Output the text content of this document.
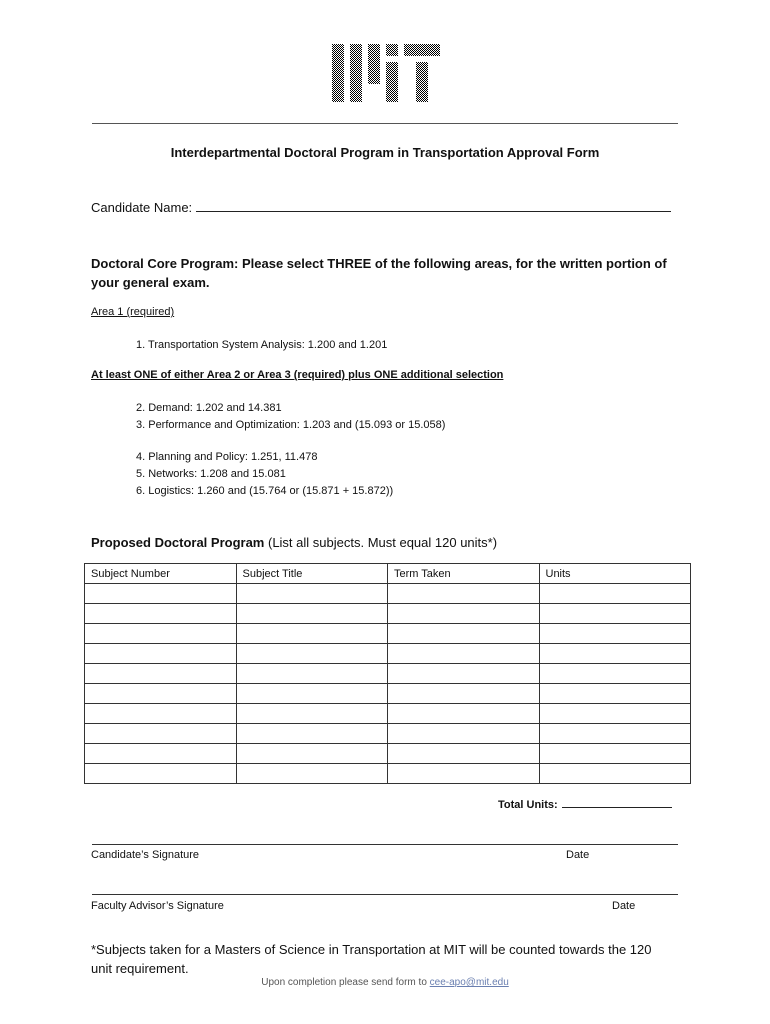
Interdepartmental Doctoral Program in Transportation Approval Form
Candidate Name:
Doctoral Core Program: Please select THREE of the following areas, for the written portion of your general exam.
Area 1 (required)
1. Transportation System Analysis: 1.200 and 1.201
At least ONE of either Area 2 or Area 3 (required) plus ONE additional selection
2. Demand: 1.202 and 14.381
3. Performance and Optimization: 1.203 and (15.093 or 15.058)
4. Planning and Policy: 1.251, 11.478
5. Networks: 1.208 and 15.081
6. Logistics: 1.260 and (15.764 or (15.871 + 15.872))
Proposed Doctoral Program (List all subjects. Must equal 120 units*)
Subject Number	Subject Title	Term Taken	Units

Total Units:
Candidate’s Signature	Date
Faculty Advisor’s Signature	Date
*Subjects taken for a Masters of Science in Transportation at MIT will be counted towards the 120 unit requirement.
Upon completion please send form to cee-apo@mit.edu
